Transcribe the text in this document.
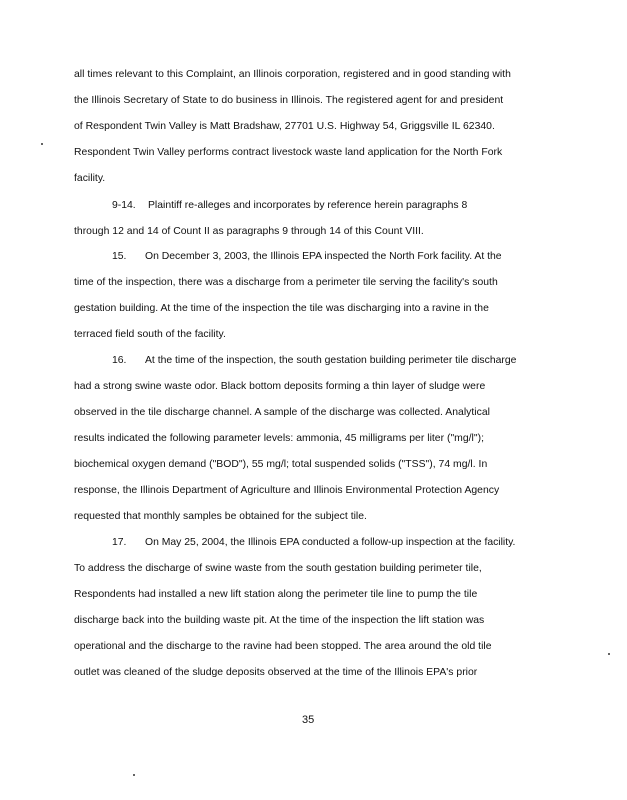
all times relevant to this Complaint, an Illinois corporation, registered and in good standing with
the Illinois Secretary of State to do business in Illinois. The registered agent for and president
of Respondent Twin Valley is Matt Bradshaw, 27701 U.S. Highway 54, Griggsville IL 62340.
Respondent Twin Valley performs contract livestock waste land application for the North Fork
facility.
9-14. Plaintiff re-alleges and incorporates by reference herein paragraphs 8
through 12 and 14 of Count II as paragraphs 9 through 14 of this Count VIII.
15. On December 3, 2003, the Illinois EPA inspected the North Fork facility. At the
time of the inspection, there was a discharge from a perimeter tile serving the facility's south
gestation building. At the time of the inspection the tile was discharging into a ravine in the
terraced field south of the facility.
16. At the time of the inspection, the south gestation building perimeter tile discharge
had a strong swine waste odor. Black bottom deposits forming a thin layer of sludge were
observed in the tile discharge channel. A sample of the discharge was collected. Analytical
results indicated the following parameter levels: ammonia, 45 milligrams per liter ("mg/l");
biochemical oxygen demand ("BOD"), 55 mg/l; total suspended solids ("TSS"), 74 mg/l. In
response, the Illinois Department of Agriculture and Illinois Environmental Protection Agency
requested that monthly samples be obtained for the subject tile.
17. On May 25, 2004, the Illinois EPA conducted a follow-up inspection at the facility.
To address the discharge of swine waste from the south gestation building perimeter tile,
Respondents had installed a new lift station along the perimeter tile line to pump the tile
discharge back into the building waste pit. At the time of the inspection the lift station was
operational and the discharge to the ravine had been stopped. The area around the old tile
outlet was cleaned of the sludge deposits observed at the time of the Illinois EPA's prior
35
